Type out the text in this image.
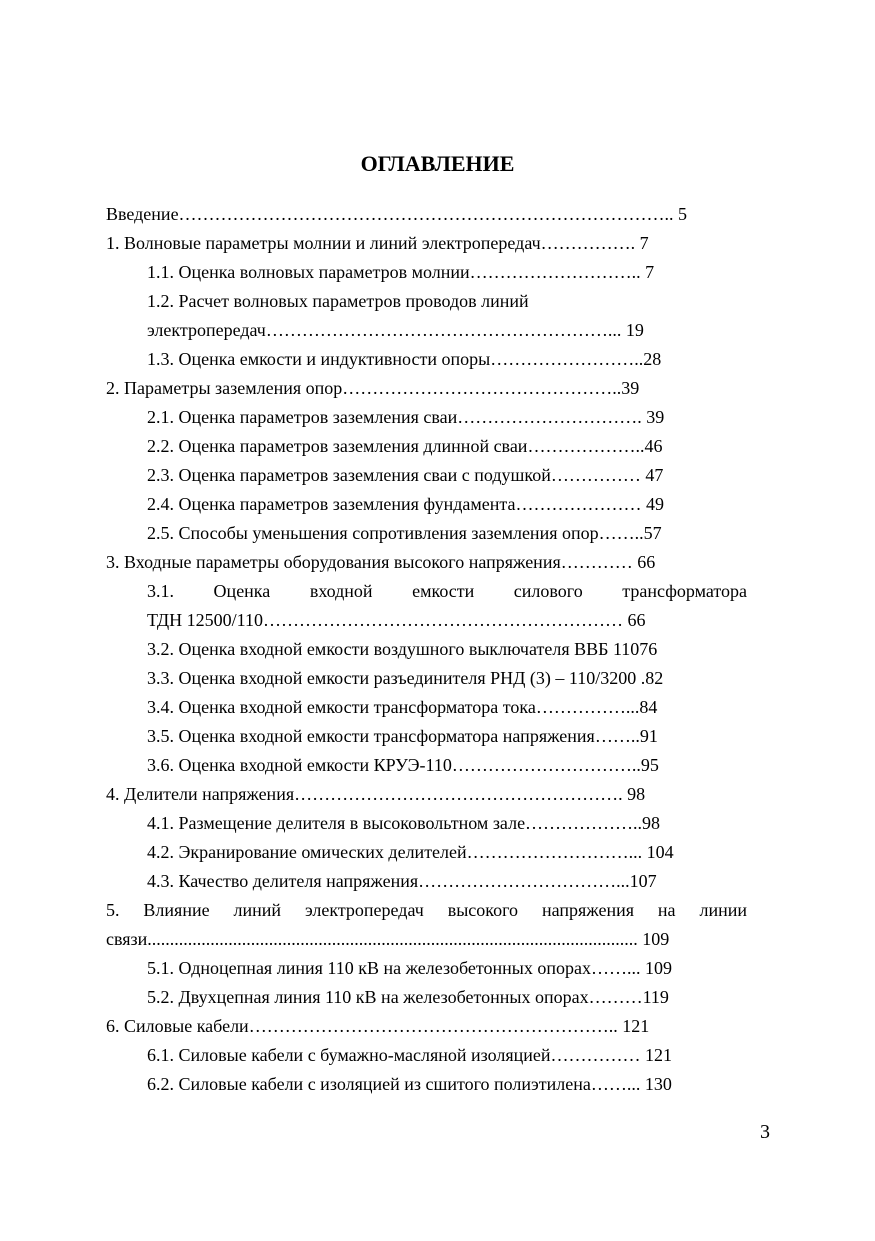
ОГЛАВЛЕНИЕ
Введение……………………………………………………………………….. 5
1. Волновые параметры молнии и линий электропередач……………. 7
1.1. Оценка волновых параметров молнии……………………….. 7
1.2. Расчет волновых параметров проводов линий
электропередач…………………………………………………... 19
1.3. Оценка емкости и индуктивности опоры……………………..28
2. Параметры заземления опор………………………………………..39
2.1. Оценка параметров заземления сваи…………………………. 39
2.2. Оценка параметров заземления длинной сваи………………..46
2.3. Оценка параметров заземления сваи с подушкой…………… 47
2.4. Оценка параметров заземления фундамента………………… 49
2.5. Способы уменьшения сопротивления заземления опор……..57
3. Входные параметры оборудования высокого напряжения………… 66
3.1. Оценка входной емкости силового трансформатора
ТДН 12500/110…………………………………………………… 66
3.2. Оценка входной емкости воздушного выключателя ВВБ 11076
3.3. Оценка входной емкости разъединителя РНД (3) – 110/3200 .82
3.4. Оценка входной емкости трансформатора тока……………...84
3.5. Оценка входной емкости трансформатора напряжения……..91
3.6. Оценка входной емкости КРУЭ-110…………………………..95
4. Делители напряжения………………………………………………. 98
4.1. Размещение делителя в высоковольтном зале………………..98
4.2. Экранирование омических делителей………………………... 104
4.3. Качество делителя напряжения……………………………...107
5. Влияние линий электропередач высокого напряжения на линии
связи............................................................................................................. 109
5.1. Одноцепная линия 110 кВ на железобетонных опорах……... 109
5.2. Двухцепная линия 110 кВ на железобетонных опорах………119
6. Силовые кабели…………………………………………………….. 121
6.1. Силовые кабели с бумажно-масляной изоляцией…………… 121
6.2. Силовые кабели с изоляцией из сшитого полиэтилена……... 130
3
